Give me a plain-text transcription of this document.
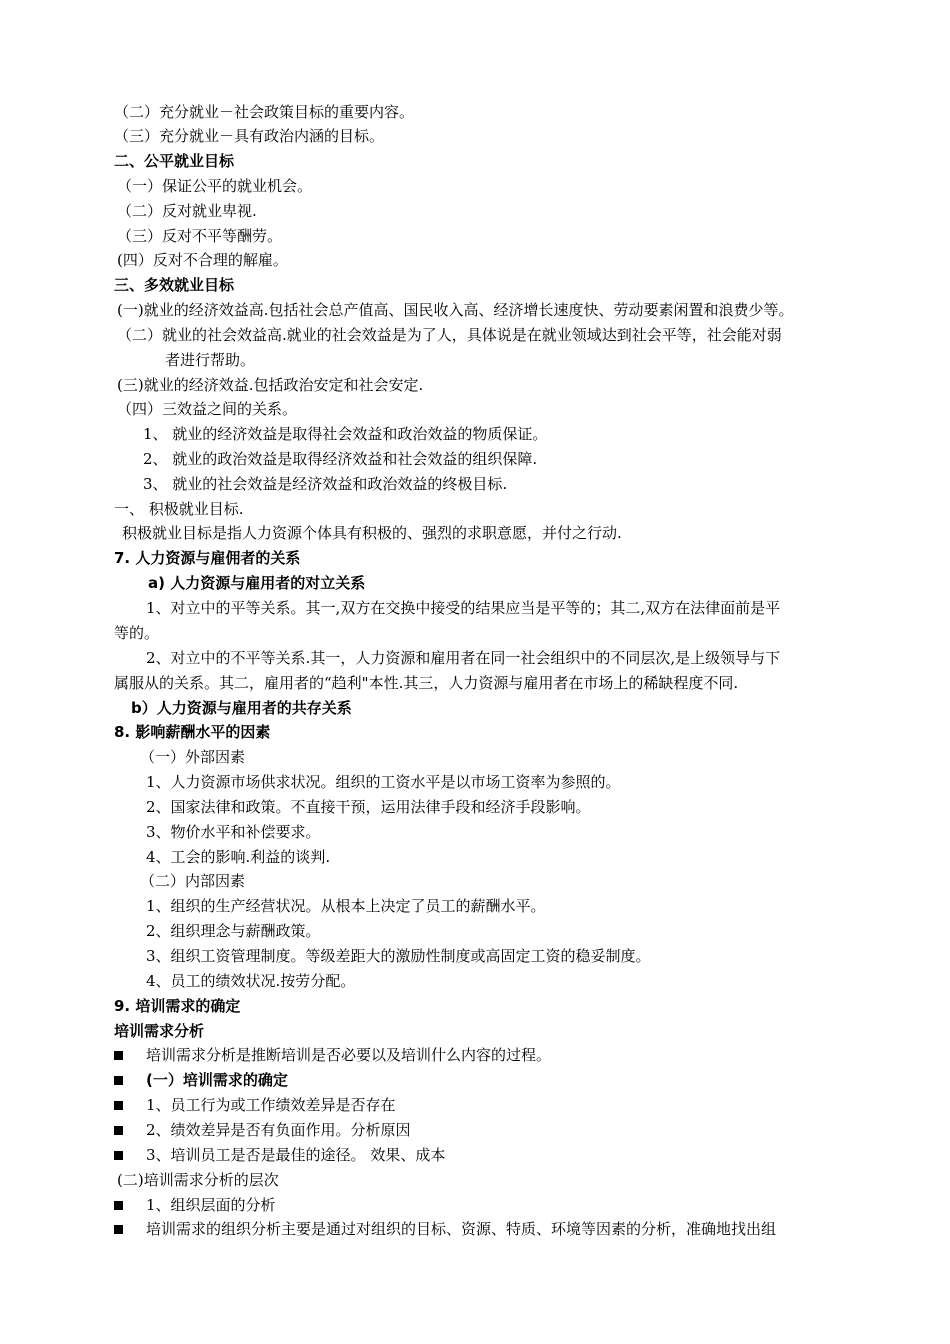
（二）充分就业－社会政策目标的重要内容。
（三）充分就业－具有政治内涵的目标。
二、公平就业目标
（一）保证公平的就业机会。
（二）反对就业卑视.
（三）反对不平等酬劳。
(四）反对不合理的解雇。
三、多效就业目标
(一)就业的经济效益高.包括社会总产值高、国民收入高、经济增长速度快、劳动要素闲置和浪费少等。
（二）就业的社会效益高.就业的社会效益是为了人，具体说是在就业领域达到社会平等，社会能对弱
者进行帮助。
(三)就业的经济效益.包括政治安定和社会安定.
（四）三效益之间的关系。
1、 就业的经济效益是取得社会效益和政治效益的物质保证。
2、 就业的政治效益是取得经济效益和社会效益的组织保障.
3、 就业的社会效益是经济效益和政治效益的终极目标.
一、 积极就业目标.
积极就业目标是指人力资源个体具有积极的、强烈的求职意愿，并付之行动.
7. 人力资源与雇佣者的关系
a) 人力资源与雇用者的对立关系
1、对立中的平等关系。其一,双方在交换中接受的结果应当是平等的；其二,双方在法律面前是平
等的。
2、对立中的不平等关系.其一，人力资源和雇用者在同一社会组织中的不同层次,是上级领导与下
属服从的关系。其二，雇用者的“趋利"本性.其三，人力资源与雇用者在市场上的稀缺程度不同.
b）人力资源与雇用者的共存关系
8. 影响薪酬水平的因素
（一）外部因素
1、人力资源市场供求状况。组织的工资水平是以市场工资率为参照的。
2、国家法律和政策。不直接干预，运用法律手段和经济手段影响。
3、物价水平和补偿要求。
4、工会的影响.利益的谈判.
（二）内部因素
1、组织的生产经营状况。从根本上决定了员工的薪酬水平。
2、组织理念与薪酬政策。
3、组织工资管理制度。等级差距大的激励性制度或高固定工资的稳妥制度。
4、员工的绩效状况.按劳分配。
9. 培训需求的确定
培训需求分析
培训需求分析是推断培训是否必要以及培训什么内容的过程。
(一）培训需求的确定
1、员工行为或工作绩效差异是否存在
2、绩效差异是否有负面作用。分析原因
3、培训员工是否是最佳的途径。 效果、成本
(二)培训需求分析的层次
1、组织层面的分析
培训需求的组织分析主要是通过对组织的目标、资源、特质、环境等因素的分析，准确地找出组
